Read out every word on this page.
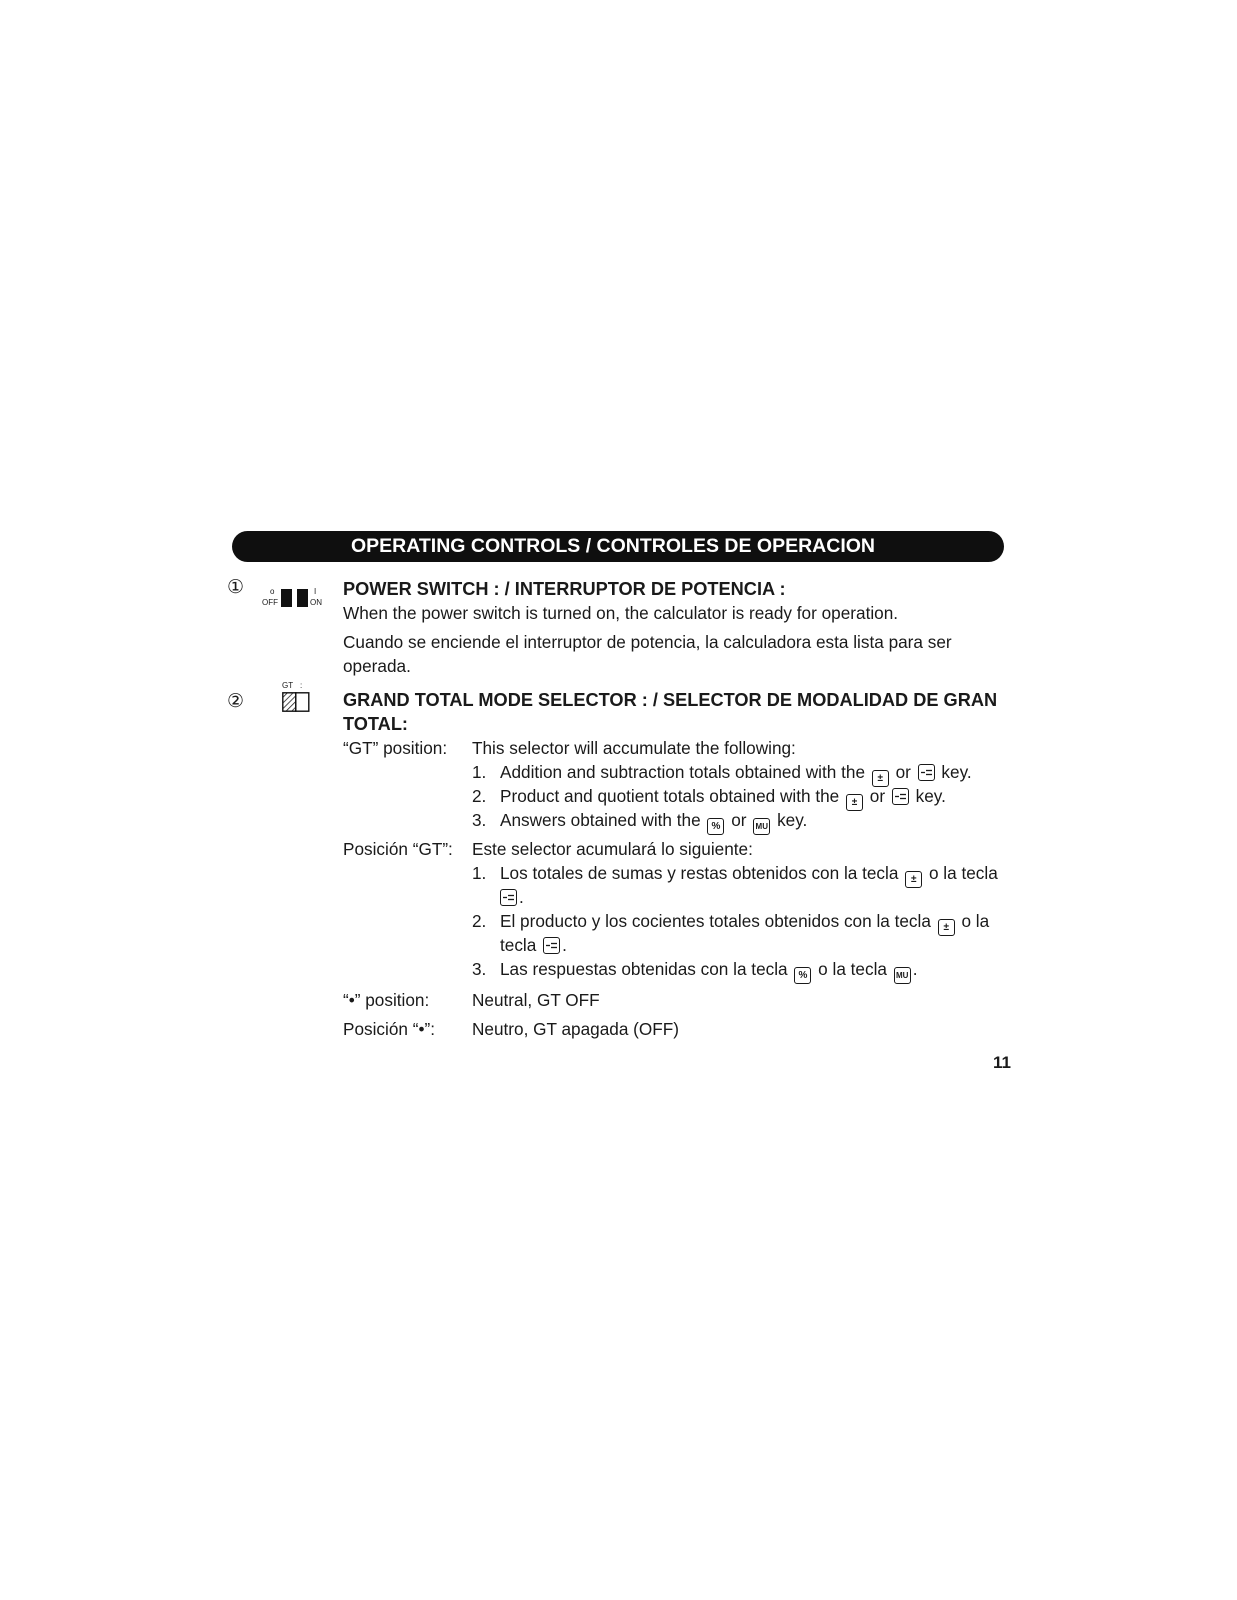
OPERATING CONTROLS / CONTROLES DE OPERACION
①	o
OFF
I
ON
POWER SWITCH : / INTERRUPTOR DE POTENCIA :
When the power switch is turned on, the calculator is ready for operation.
Cuando se enciende el interruptor de potencia, la calculadora esta lista para ser
operada.
②
GT :
GRAND TOTAL MODE SELECTOR : / SELECTOR DE MODALIDAD DE GRAN
TOTAL:
“GT” position: This selector will accumulate the following:
1. Addition and subtraction totals obtained with the ± or key.
2. Product and quotient totals obtained with the ± or key.
3. Answers obtained with the % or MU key.
Posición “GT”: Este selector acumulará lo siguiente:
1. Los totales de sumas y restas obtenidos con la tecla ± o la tecla
.
2. El producto y los cocientes totales obtenidos con la tecla ± o la
tecla .
3. Las respuestas obtenidas con la tecla % o la tecla MU .
“•” position: Neutral, GT OFF
Posición “•”: Neutro, GT apagada (OFF)
11
